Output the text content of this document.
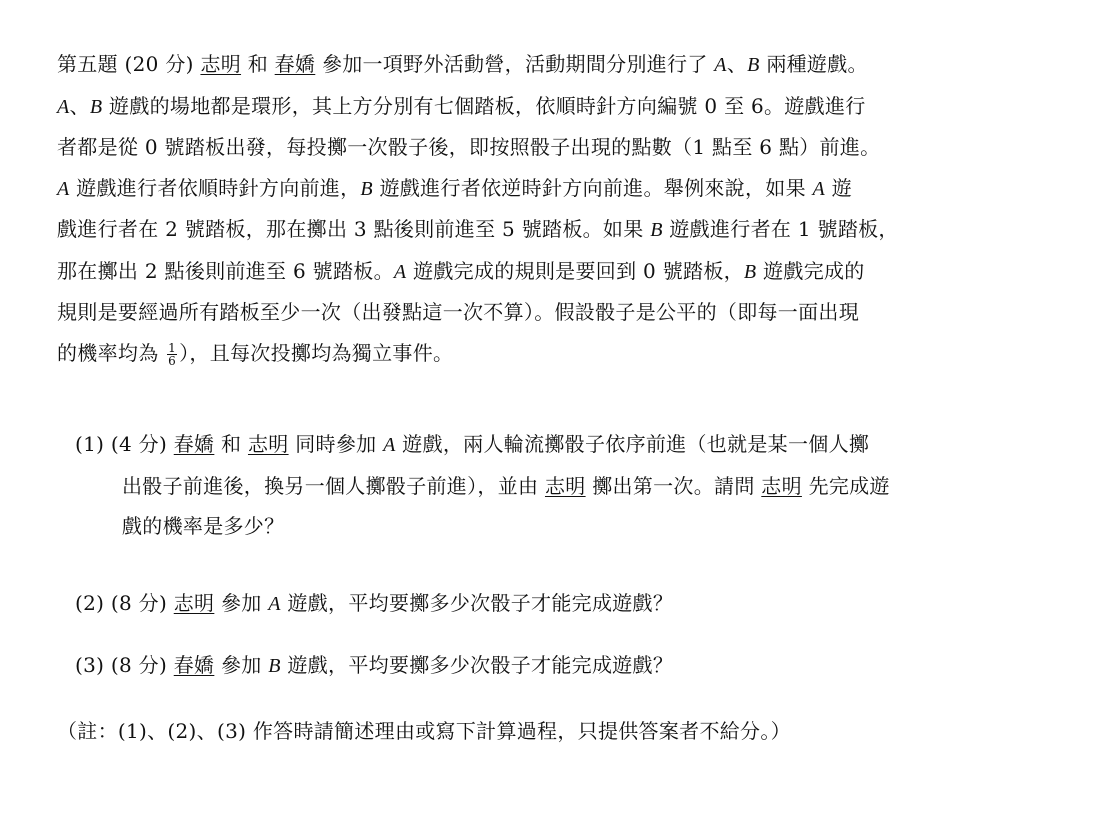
第五題 (20 分) 志明 和 春嬌 參加一項野外活動營，活動期間分別進行了 A、B 兩種遊戲。
A、B 遊戲的場地都是環形，其上方分別有七個踏板，依順時針方向編號 0 至 6。遊戲進行
者都是從 0 號踏板出發，每投擲一次骰子後，即按照骰子出現的點數（1 點至 6 點）前進。
A 遊戲進行者依順時針方向前進，B 遊戲進行者依逆時針方向前進。舉例來說，如果 A 遊
戲進行者在 2 號踏板，那在擲出 3 點後則前進至 5 號踏板。如果 B 遊戲進行者在 1 號踏板，
那在擲出 2 點後則前進至 6 號踏板。A 遊戲完成的規則是要回到 0 號踏板，B 遊戲完成的
規則是要經過所有踏板至少一次（出發點這一次不算）。假設骰子是公平的（即每一面出現
的機率均為 $\frac{1}{6}$ ），且每次投擲均為獨立事件。
(1) (4 分) 春嬌 和 志明 同時參加 A 遊戲，兩人輪流擲骰子依序前進（也就是某一個人擲
出骰子前進後，換另一個人擲骰子前進），並由 志明 擲出第一次。請問 志明 先完成遊
戲的機率是多少？
(2) (8 分) 志明 參加 A 遊戲，平均要擲多少次骰子才能完成遊戲？
(3) (8 分) 春嬌 參加 B 遊戲，平均要擲多少次骰子才能完成遊戲？
（註：(1)、(2)、(3) 作答時請簡述理由或寫下計算過程，只提供答案者不給分。）
